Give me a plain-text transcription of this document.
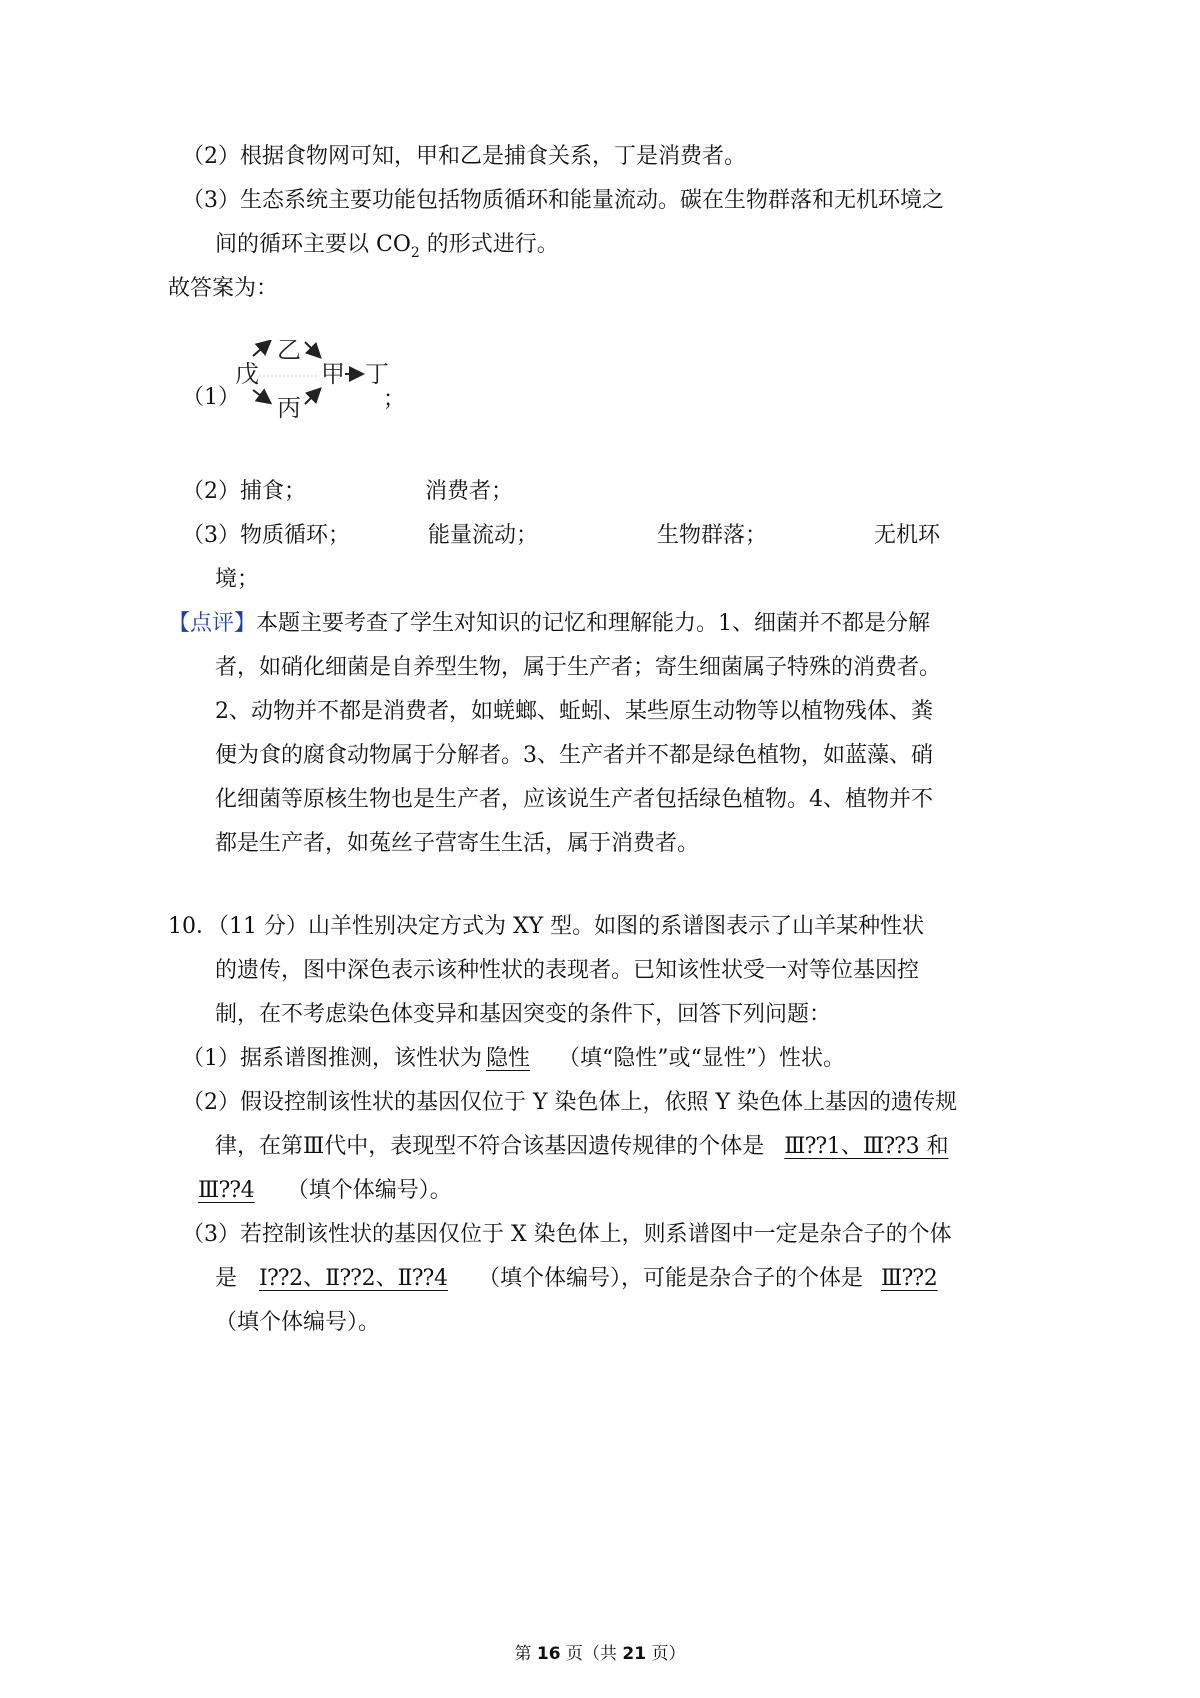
（2）根据食物网可知，甲和乙是捕食关系，丁是消费者。
（3）生态系统主要功能包括物质循环和能量流动。碳在生物群落和无机环境之
间的循环主要以 $CO_2$ 的形式进行。
故答案为：
（1）
戊
乙
丙
甲 丁
；
（2）捕食；	消费者；
（3）物质循环；	能量流动；	生物群落；	无机环
境；
【点评】本题主要考查了学生对知识的记忆和理解能力。1、细菌并不都是分解
者，如硝化细菌是自养型生物，属于生产者；寄生细菌属子特殊的消费者。
2、动物并不都是消费者，如蜣螂、蚯蚓、某些原生动物等以植物残体、粪
便为食的腐食动物属于分解者。3、生产者并不都是绿色植物，如蓝藻、硝
化细菌等原核生物也是生产者，应该说生产者包括绿色植物。4、植物并不
都是生产者，如菟丝子营寄生生活，属于消费者。
10．（11 分）山羊性别决定方式为 XY 型。如图的系谱图表示了山羊某种性状
的遗传，图中深色表示该种性状的表现者。已知该性状受一对等位基因控
制，在不考虑染色体变异和基因突变的条件下，回答下列问题：
（1）据系谱图推测，该性状为 隐性 （填“隐性”或“显性”）性状。
（2）假设控制该性状的基因仅位于 Y 染色体上，依照 Y 染色体上基因的遗传规
律，在第Ⅲ代中，表现型不符合该基因遗传规律的个体是 Ⅲ⁇1、Ⅲ⁇3 和
Ⅲ⁇4 （填个体编号）。
（3）若控制该性状的基因仅位于 X 染色体上，则系谱图中一定是杂合子的个体
是 Ⅰ⁇2、Ⅱ⁇2、Ⅱ⁇4 （填个体编号），可能是杂合子的个体是 Ⅲ⁇2
（填个体编号）。
第 16 页（共 21 页）
